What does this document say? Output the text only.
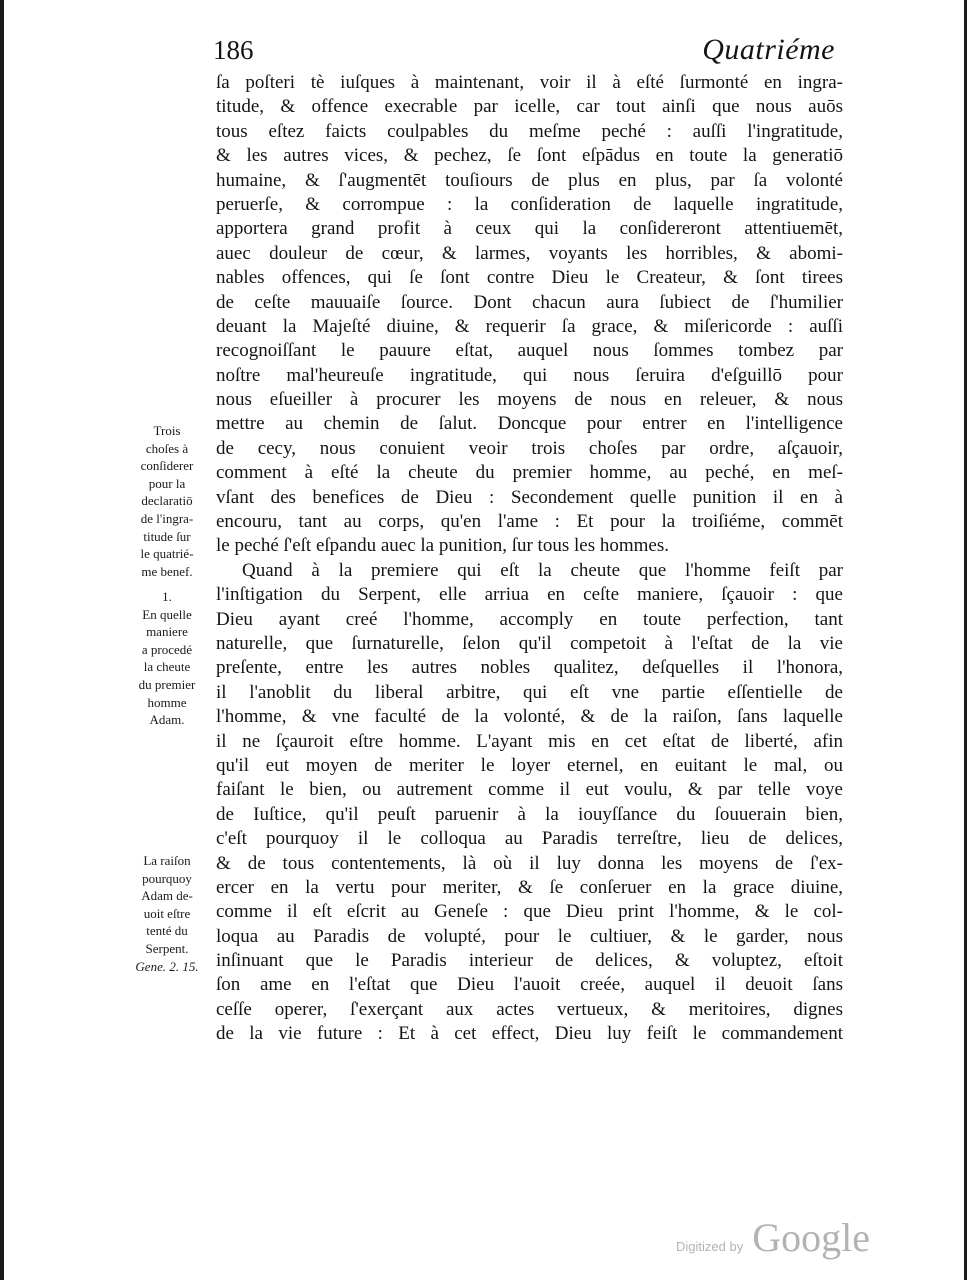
186	Quatriéme
ſa poſteri tè iuſques à maintenant, voir il à eſté ſurmonté en ingra-
titude, & offence execrable par icelle, car tout ainſi que nous auōs
tous eſtez faicts coulpables du meſme peché : auſſi l'ingratitude,
& les autres vices, & pechez, ſe ſont eſpādus en toute la generatiō
humaine, & ſ'augmentēt touſiours de plus en plus, par ſa volonté
peruerſe, & corrompue : la conſideration de laquelle ingratitude,
apportera grand profit à ceux qui la conſidereront attentiuemēt,
auec douleur de cœur, & larmes, voyants les horribles, & abomi-
nables offences, qui ſe ſont contre Dieu le Createur, & ſont tirees
de ceſte mauuaiſe ſource. Dont chacun aura ſubiect de ſ'humilier
deuant la Majeſté diuine, & requerir ſa grace, & miſericorde : auſſi
recognoiſſant le pauure eſtat, auquel nous ſommes tombez par
noſtre mal'heureuſe ingratitude, qui nous ſeruira d'eſguillō pour
nous eſueiller à procurer les moyens de nous en releuer, & nous
mettre au chemin de ſalut. Doncque pour entrer en l'intelligence
de cecy, nous conuient veoir trois choſes par ordre, aſçauoir,
comment à eſté la cheute du premier homme, au peché, en meſ-
vſant des benefices de Dieu : Secondement quelle punition il en à
encouru, tant au corps, qu'en l'ame : Et pour la troiſiéme, commēt
le peché ſ'eſt eſpandu auec la punition, ſur tous les hommes.
Quand à la premiere qui eſt la cheute que l'homme feiſt par
l'inſtigation du Serpent, elle arriua en ceſte maniere, ſçauoir : que
Dieu ayant creé l'homme, accomply en toute perfection, tant
naturelle, que ſurnaturelle, ſelon qu'il competoit à l'eſtat de la vie
preſente, entre les autres nobles qualitez, deſquelles il l'honora,
il l'anoblit du liberal arbitre, qui eſt vne partie eſſentielle de
l'homme, & vne faculté de la volonté, & de la raiſon, ſans laquelle
il ne ſçauroit eſtre homme. L'ayant mis en cet eſtat de liberté, afin
qu'il eut moyen de meriter le loyer eternel, en euitant le mal, ou
faiſant le bien, ou autrement comme il eut voulu, & par telle voye
de Iuſtice, qu'il peuſt paruenir à la iouyſſance du ſouuerain bien,
c'eſt pourquoy il le colloqua au Paradis terreſtre, lieu de delices,
& de tous contentements, là où il luy donna les moyens de ſ'ex-
ercer en la vertu pour meriter, & ſe conſeruer en la grace diuine,
comme il eſt eſcrit au Geneſe : que Dieu print l'homme, & le col-
loqua au Paradis de volupté, pour le cultiuer, & le garder, nous
inſinuant que le Paradis interieur de delices, & voluptez, eſtoit
ſon ame en l'eſtat que Dieu l'auoit creée, auquel il deuoit ſans
ceſſe operer, ſ'exerçant aux actes vertueux, & meritoires, dignes
de la vie future : Et à cet effect, Dieu luy feiſt le commandement
Trois
choſes à
conſiderer
pour la
declaratiō
de l'ingra-
titude ſur
le quatrié-
me benef.
1.
En quelle
maniere
a procedé
la cheute
du premier
homme
Adam.
La raiſon
pourquoy
Adam de-
uoit eſtre
tenté du
Serpent.
Gene. 2. 15.
Digitized by Google
